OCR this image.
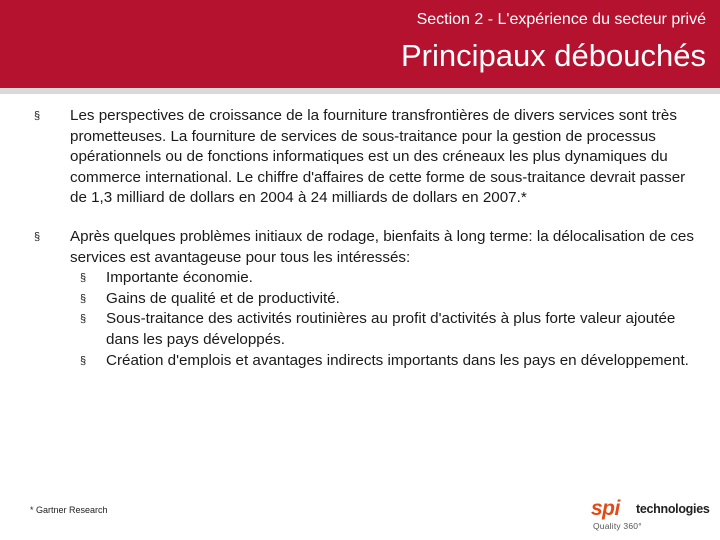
Section 2 - L'expérience du secteur privé
Principaux débouchés
§	Les perspectives de croissance de la fourniture transfrontières de divers services sont très prometteuses. La fourniture de services de sous-traitance pour la gestion de processus opérationnels ou de fonctions informatiques est un des créneaux les plus dynamiques du commerce international. Le chiffre d'affaires de cette forme de sous-traitance devrait passer de 1,3 milliard de dollars en 2004 à 24 milliards de dollars en 2007.*
§	Après quelques problèmes initiaux de rodage, bienfaits à long terme: la délocalisation de ces services est avantageuse pour tous les intéressés:
§	Importante économie.
§	Gains de qualité et de productivité.
§	Sous-traitance des activités routinières au profit d'activités à plus forte valeur ajoutée dans les pays développés.
§	Création d'emplois et avantages indirects importants dans les pays en développement.
* Gartner Research	spi technologies
Quality 360°
